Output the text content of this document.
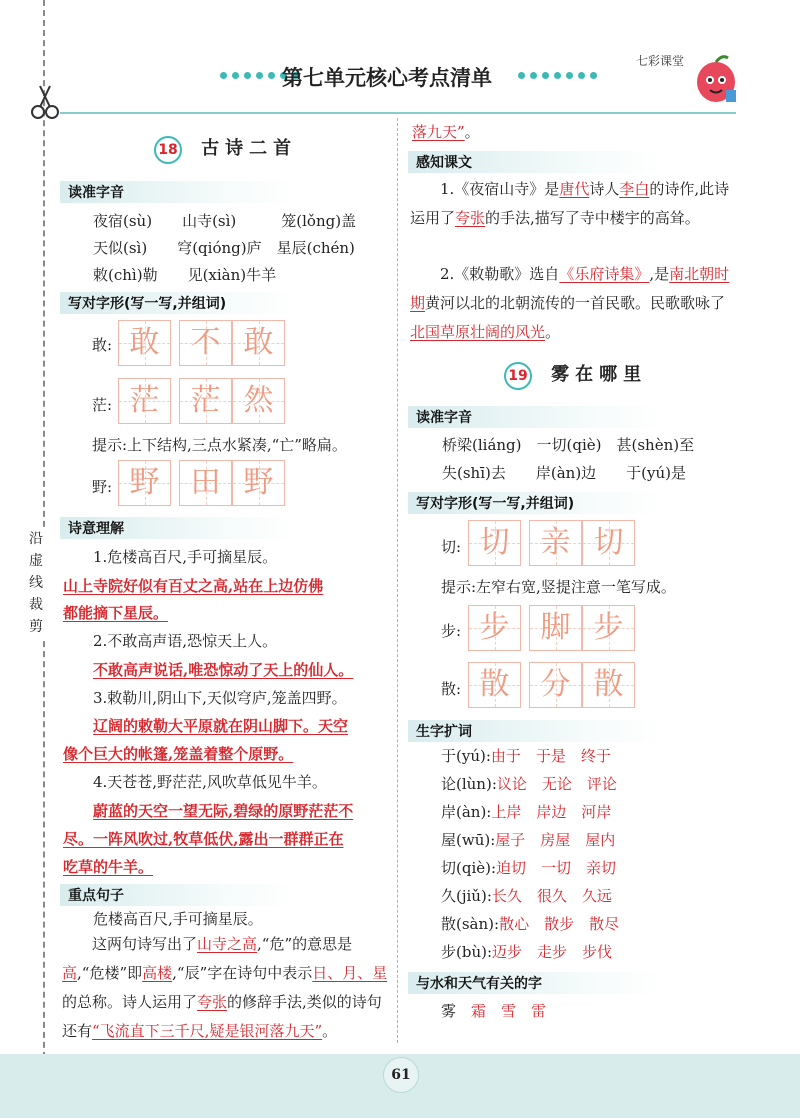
沿
虚
线
裁
剪
第七单元核心考点清单
七彩课堂
18 古诗二首
读准字音
夜宿(sù)　　山寺(sì)　　　笼(lǒng)盖
天似(sì)　　穹(qióng)庐　星辰(chén)
敕(chì)勒　　见(xiàn)牛羊
写对字形(写一写,并组词)
敢: 敢	不 敢
茫: 茫	茫 然
提示:上下结构,三点水紧凑,“亡”略扁。
野: 野	田 野
诗意理解
1.危楼高百尺,手可摘星辰。
山上寺院好似有百丈之高,站在上边仿佛
都能摘下星辰。
2.不敢高声语,恐惊天上人。
不敢高声说话,唯恐惊动了天上的仙人。
3.敕勒川,阴山下,天似穹庐,笼盖四野。
辽阔的敕勒大平原就在阴山脚下。天空
像个巨大的帐篷,笼盖着整个原野。
4.天苍苍,野茫茫,风吹草低见牛羊。
蔚蓝的天空一望无际,碧绿的原野茫茫不
尽。一阵风吹过,牧草低伏,露出一群群正在
吃草的牛羊。
重点句子
危楼高百尺,手可摘星辰。
这两句诗写出了山寺之高,“危”的意思是高,“危楼”即高楼,“辰”字在诗句中表示日、月、星的总称。诗人运用了夸张的修辞手法,类似的诗句还有“飞流直下三千尺,疑是银河落九天”。
落九天”。
感知课文
1.《夜宿山寺》是唐代诗人李白的诗作,此诗运用了夸张的手法,描写了寺中楼宇的高耸。
2.《敕勒歌》选自《乐府诗集》,是南北朝时期黄河以北的北朝流传的一首民歌。民歌歌咏了北国草原壮阔的风光。
19 雾在哪里
读准字音
桥梁(liáng)　一切(qiè)　甚(shèn)至
失(shī)去　　岸(àn)边　　于(yú)是
写对字形(写一写,并组词)
切: 切	亲 切
提示:左窄右宽,竖提注意一笔写成。
步: 步	脚 步
散: 散	分 散
生字扩词
于(yú):由于　于是　终于
论(lùn):议论　无论　评论
岸(àn):上岸　岸边　河岸
屋(wū):屋子　房屋　屋内
切(qiè):迫切　一切　亲切
久(jiǔ):长久　很久　久远
散(sàn):散心　散步　散尽
步(bù):迈步　走步　步伐
与水和天气有关的字
雾　 霜　雪　雷
61
